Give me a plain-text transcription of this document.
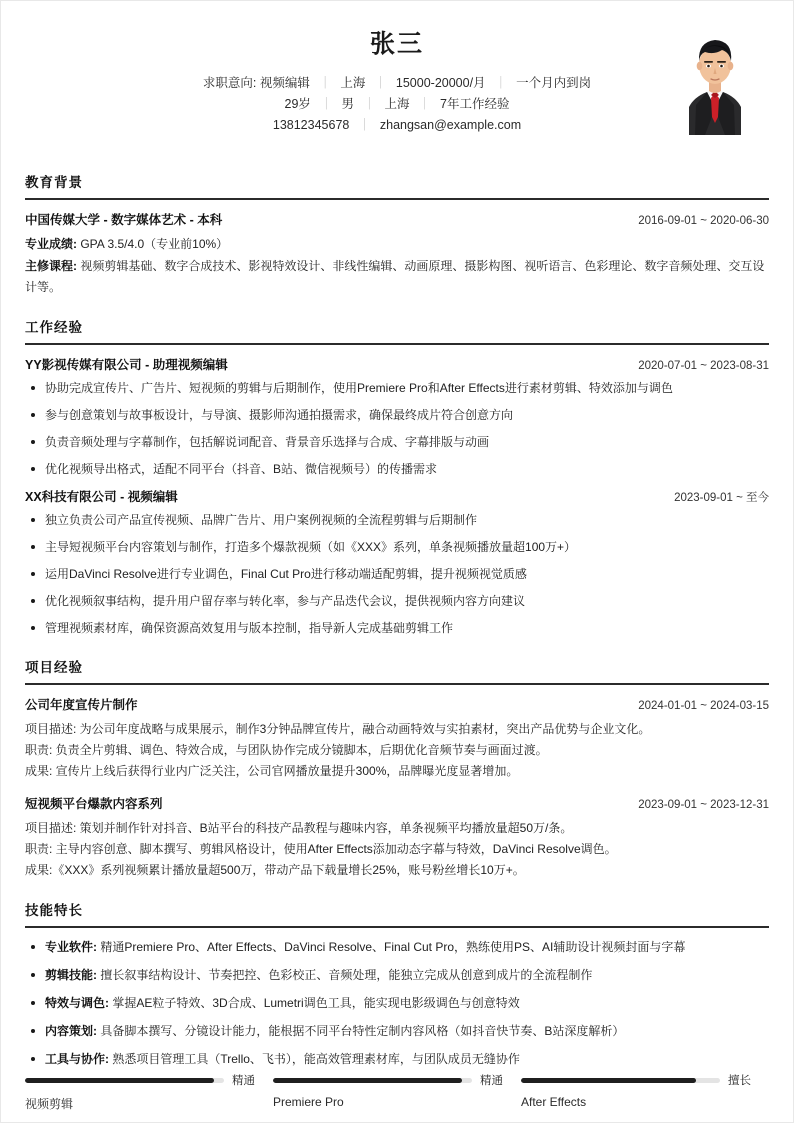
张三
求职意向: 视频编辑 ｜ 上海 ｜ 15000-20000/月 ｜ 一个月内到岗
29岁 ｜ 男 ｜ 上海 ｜ 7年工作经验
13812345678 ｜ zhangsan@example.com
教育背景
中国传媒大学 - 数字媒体艺术 - 本科	2016-09-01 ~ 2020-06-30
专业成绩: GPA 3.5/4.0（专业前10%）
主修课程: 视频剪辑基础、数字合成技术、影视特效设计、非线性编辑、动画原理、摄影构图、视听语言、色彩理论、数字音频处理、交互设计等。
工作经验
YY影视传媒有限公司 - 助理视频编辑	2020-07-01 ~ 2023-08-31
协助完成宣传片、广告片、短视频的剪辑与后期制作，使用Premiere Pro和After Effects进行素材剪辑、特效添加与调色
参与创意策划与故事板设计，与导演、摄影师沟通拍摄需求，确保最终成片符合创意方向
负责音频处理与字幕制作，包括解说词配音、背景音乐选择与合成、字幕排版与动画
优化视频导出格式，适配不同平台（抖音、B站、微信视频号）的传播需求
XX科技有限公司 - 视频编辑	2023-09-01 ~ 至今
独立负责公司产品宣传视频、品牌广告片、用户案例视频的全流程剪辑与后期制作
主导短视频平台内容策划与制作，打造多个爆款视频（如《XXX》系列，单条视频播放量超100万+）
运用DaVinci Resolve进行专业调色，Final Cut Pro进行移动端适配剪辑，提升视频视觉质感
优化视频叙事结构，提升用户留存率与转化率，参与产品迭代会议，提供视频内容方向建议
管理视频素材库，确保资源高效复用与版本控制，指导新人完成基础剪辑工作
项目经验
公司年度宣传片制作	2024-01-01 ~ 2024-03-15
项目描述: 为公司年度战略与成果展示，制作3分钟品牌宣传片，融合动画特效与实拍素材，突出产品优势与企业文化。
职责: 负责全片剪辑、调色、特效合成，与团队协作完成分镜脚本，后期优化音频节奏与画面过渡。
成果: 宣传片上线后获得行业内广泛关注，公司官网播放量提升300%，品牌曝光度显著增加。
短视频平台爆款内容系列	2023-09-01 ~ 2023-12-31
项目描述: 策划并制作针对抖音、B站平台的科技产品教程与趣味内容，单条视频平均播放量超50万/条。
职责: 主导内容创意、脚本撰写、剪辑风格设计，使用After Effects添加动态字幕与特效，DaVinci Resolve调色。
成果:《XXX》系列视频累计播放量超500万，带动产品下载量增长25%，账号粉丝增长10万+。
技能特长
专业软件: 精通Premiere Pro、After Effects、DaVinci Resolve、Final Cut Pro，熟练使用PS、AI辅助设计视频封面与字幕
剪辑技能: 擅长叙事结构设计、节奏把控、色彩校正、音频处理，能独立完成从创意到成片的全流程制作
特效与调色: 掌握AE粒子特效、3D合成、Lumetri调色工具，能实现电影级调色与创意特效
内容策划: 具备脚本撰写、分镜设计能力，能根据不同平台特性定制内容风格（如抖音快节奏、B站深度解析）
工具与协作: 熟悉项目管理工具（Trello、飞书），能高效管理素材库，与团队成员无缝协作
精通
视频剪辑
精通
Premiere Pro
擅长
After Effects
